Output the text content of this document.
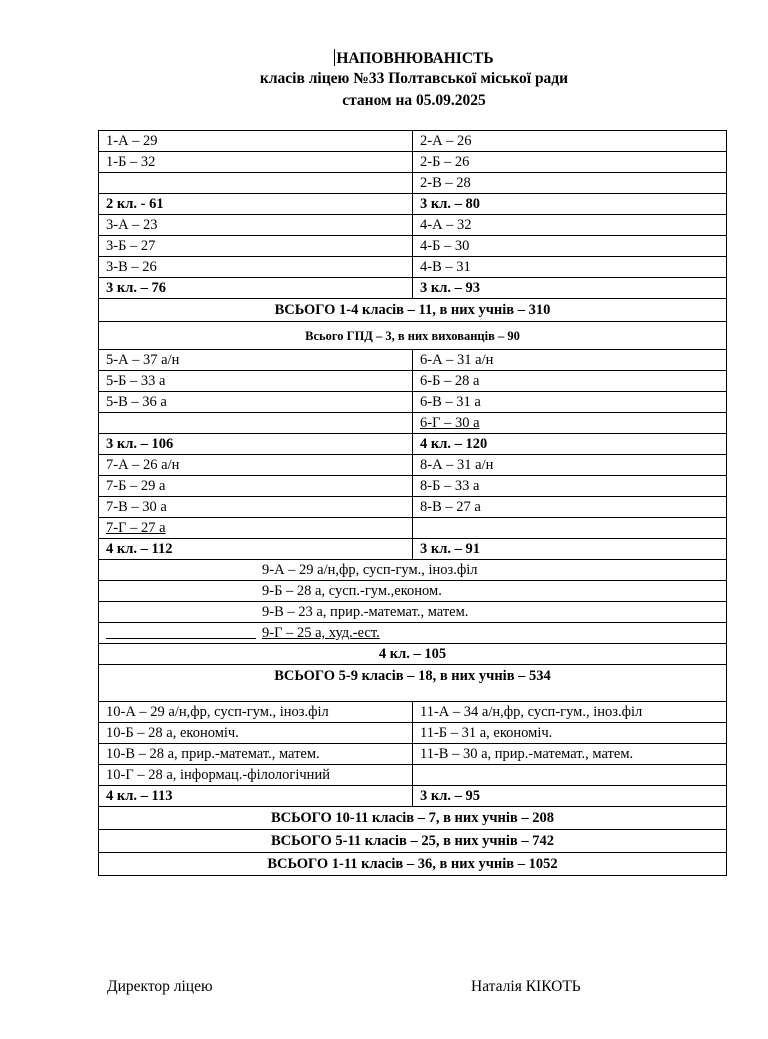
НАПОВНЮВАНІСТЬ
класів ліцею №33 Полтавської міської ради
станом на 05.09.2025
1-А – 29	2-А – 26
1-Б – 32	2-Б – 26
	2-В – 28
2 кл. - 61	3 кл. – 80
3-А – 23	4-А – 32
3-Б – 27	4-Б – 30
3-В – 26	4-В – 31
3 кл. – 76	3 кл. – 93
ВСЬОГО 1-4 класів – 11, в них учнів – 310	
Всього ГПД – 3, в них вихованців – 90	
5-А – 37 а/н	6-А – 31 а/н
5-Б – 33 а	6-Б – 28 а
5-В – 36 а	6-В – 31 а
	6-Г – 30 а
3 кл. – 106	4 кл. – 120
7-А – 26 а/н	8-А – 31 а/н
7-Б – 29 а	8-Б – 33 а
7-В – 30 а	8-В – 27 а
7-Г – 27 а	
4 кл. – 112	3 кл. – 91

9-А – 29 а/н,фр, сусп-гум., іноз.філ	

9-Б – 28 а, сусп.-гум.,економ.	

9-В – 23 а, прир.-математ., матем.	

9-Г – 25 а, худ.-ест.	

4 кл. – 105	
ВСЬОГО 5-9 класів – 18, в них учнів – 534	
10-А – 29 а/н,фр, сусп-гум., іноз.філ	11-А – 34 а/н,фр, сусп-гум., іноз.філ
10-Б – 28 а, економіч.	11-Б – 31 а, економіч.
10-В – 28 а, прир.-математ., матем.	11-В – 30 а, прир.-математ., матем.
10-Г – 28 а, інформац.-філологічний	
4 кл. – 113	3 кл. – 95
ВСЬОГО 10-11 класів – 7, в них учнів – 208	
ВСЬОГО 5-11 класів – 25, в них учнів – 742	
ВСЬОГО 1-11 класів – 36, в них учнів – 1052	
Директор ліцею	Наталія КІКОТЬ
